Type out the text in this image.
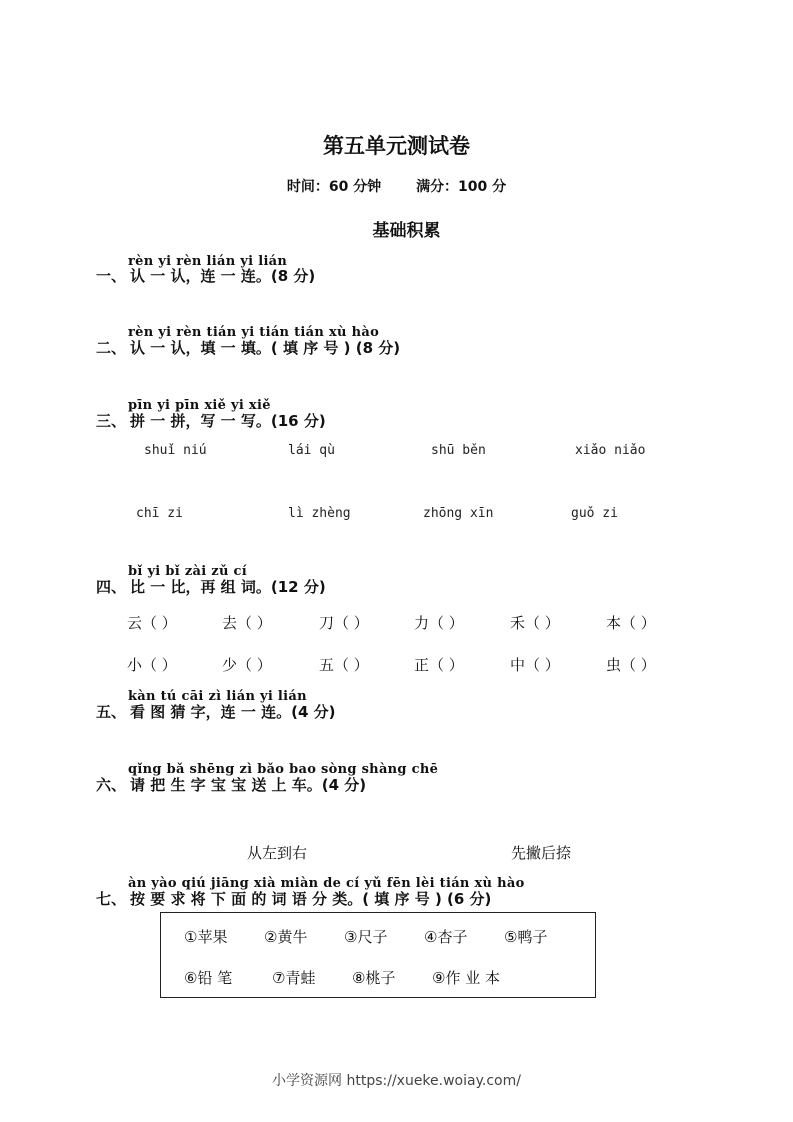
第五单元测试卷
时间：60 分钟 满分：100 分
基础积累
rèn yi rèn lián yi lián
一、 认 一 认，连 一 连。(8 分)
rèn yi rèn tián yi tián tián xù hào
二、 认 一 认，填 一 填。( 填 序 号 ) (8 分)
pīn yi pīn xiě yi xiě
三、 拼 一 拼，写 一 写。(16 分)
shuǐ niú	lái qù	shū běn	xiǎo niǎo
chī zi	lì zhèng	zhōng xīn	guǒ zi
bǐ yi bǐ zài zǔ cí
四、 比 一 比，再 组 词。(12 分)
云（ ）	去（ ）	刀（ ）	力（ ）	禾（ ）	本（ ）
小（ ）	少（ ）	五（ ）	正（ ）	中（ ）	虫（ ）
kàn tú cāi zì lián yi lián
五、 看 图 猜 字，连 一 连。(4 分)
qǐng bǎ shēng zì bǎo bao sòng shàng chē
六、 请 把 生 字 宝 宝 送 上 车。(4 分)
从左到右	先撇后捺
àn yào qiú jiāng xià miàn de cí yǔ fēn lèi tián xù hào
七、 按 要 求 将 下 面 的 词 语 分 类。( 填 序 号 ) (6 分)
①苹果 ②黄牛 ③尺子 ④杏子 ⑤鸭子
⑥铅 笔	⑦青蛙 ⑧桃子 ⑨作 业 本
小学资源网 https://xueke.woiay.com/
